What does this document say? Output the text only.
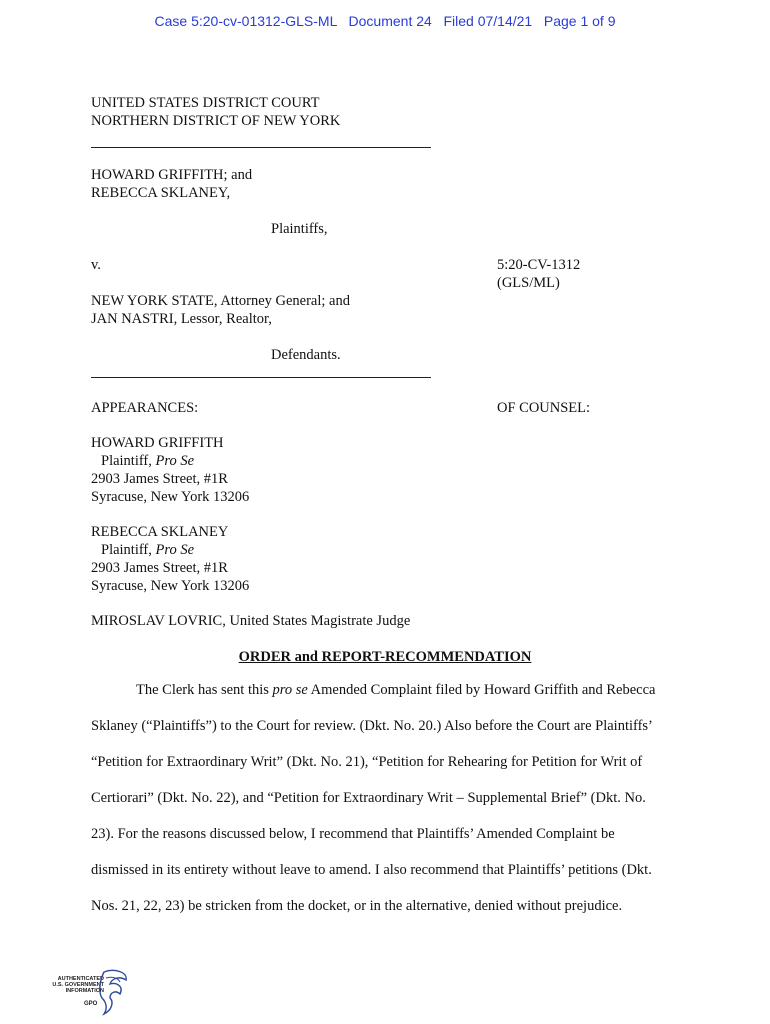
Case 5:20-cv-01312-GLS-ML   Document 24   Filed 07/14/21   Page 1 of 9
UNITED STATES DISTRICT COURT
NORTHERN DISTRICT OF NEW YORK
HOWARD GRIFFITH; and
REBECCA SKLANEY,
Plaintiffs,
v.	5:20-CV-1312
(GLS/ML)
NEW YORK STATE, Attorney General; and
JAN NASTRI, Lessor, Realtor,
Defendants.
APPEARANCES:	OF COUNSEL:
HOWARD GRIFFITH
Plaintiff, Pro Se
2903 James Street, #1R
Syracuse, New York 13206
REBECCA SKLANEY
Plaintiff, Pro Se
2903 James Street, #1R
Syracuse, New York 13206
MIROSLAV LOVRIC, United States Magistrate Judge
ORDER and REPORT-RECOMMENDATION
The Clerk has sent this pro se Amended Complaint filed by Howard Griffith and Rebecca
Sklaney (“Plaintiffs”) to the Court for review. (Dkt. No. 20.) Also before the Court are Plaintiffs’
“Petition for Extraordinary Writ” (Dkt. No. 21), “Petition for Rehearing for Petition for Writ of
Certiorari” (Dkt. No. 22), and “Petition for Extraordinary Writ – Supplemental Brief” (Dkt. No.
23). For the reasons discussed below, I recommend that Plaintiffs’ Amended Complaint be
dismissed in its entirety without leave to amend. I also recommend that Plaintiffs’ petitions (Dkt.
Nos. 21, 22, 23) be stricken from the docket, or in the alternative, denied without prejudice.
AUTHENTICATED
U.S. GOVERNMENT
INFORMATION
GPO
